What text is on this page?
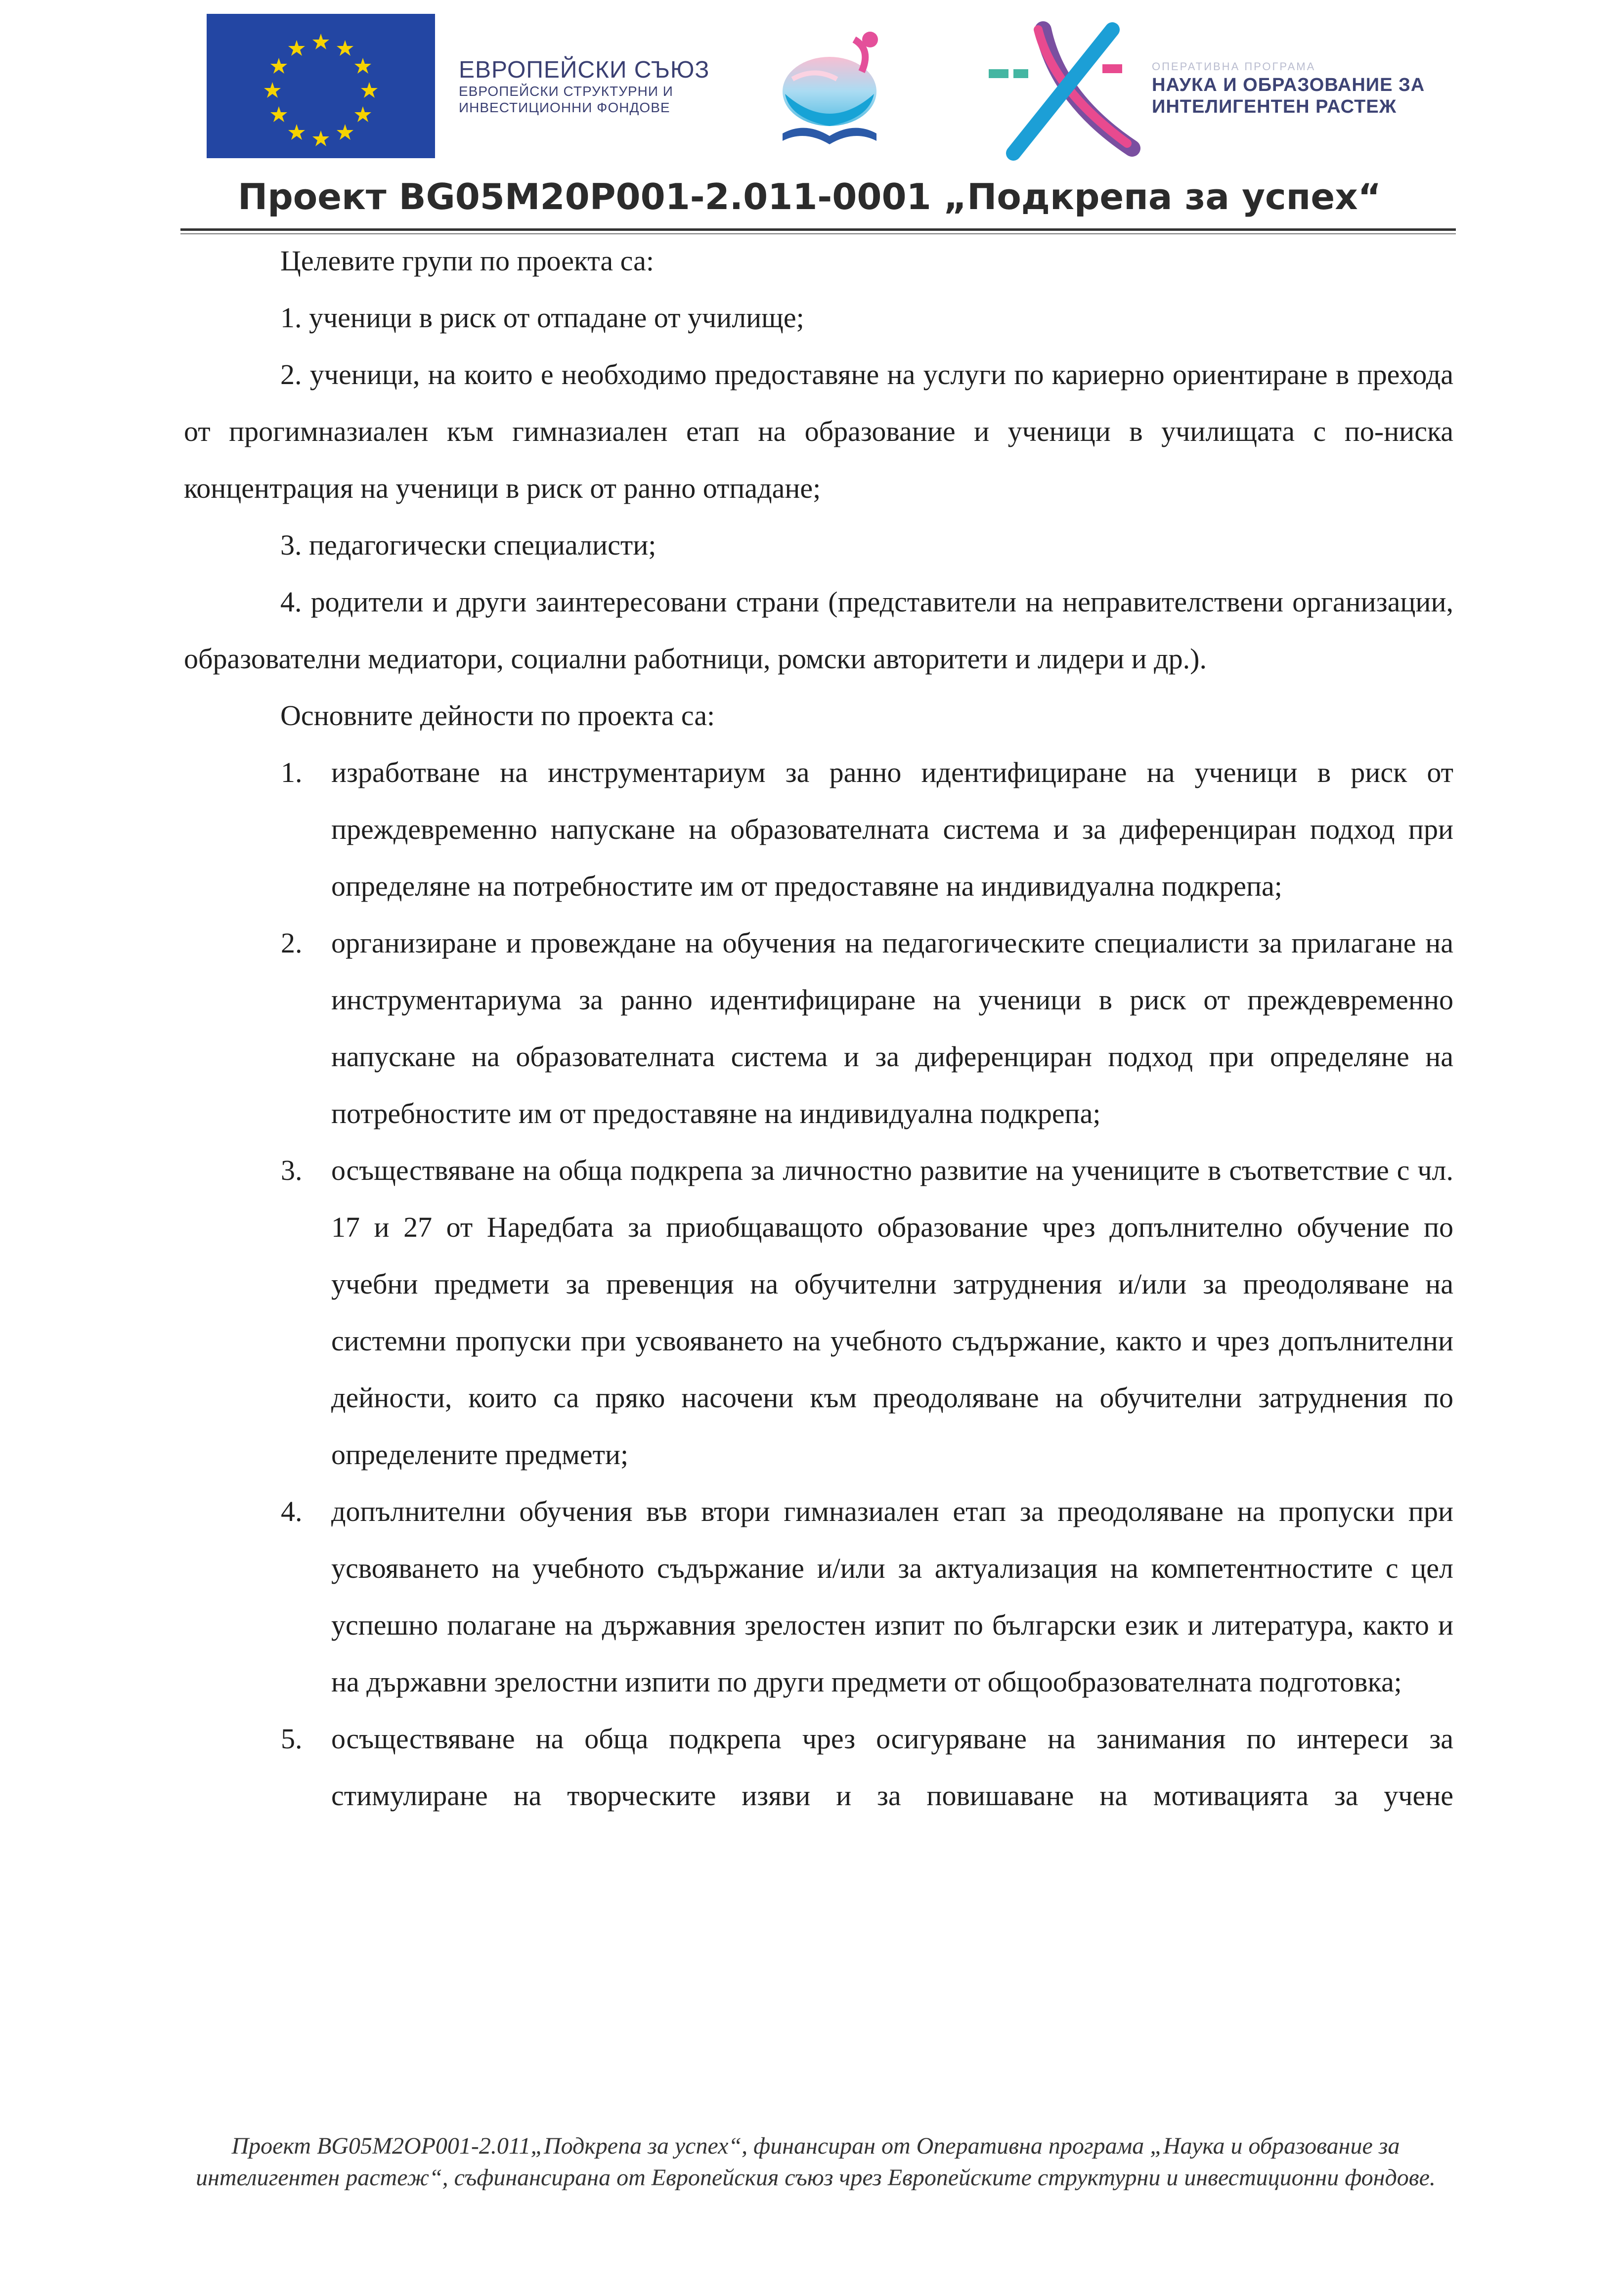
ЕВРОПЕЙСКИ СЪЮЗ
ЕВРОПЕЙСКИ СТРУКТУРНИ И
ИНВЕСТИЦИОННИ ФОНДОВЕ
ОПЕРАТИВНА ПРОГРАМА
НАУКА И ОБРАЗОВАНИЕ ЗА
ИНТЕЛИГЕНТЕН РАСТЕЖ
Проект BG05M20P001-2.011-0001 „Подкрепа за успех“

Целевите групи по проекта са:

1. ученици в риск от отпадане от училище;

2. ученици, на които е необходимо предоставяне на услуги по кариерно ориентиране в прехода от прогимназиален към гимназиален етап на образование и ученици в училищата с по-ниска концентрация на ученици в риск от ранно отпадане;

3. педагогически специалисти;

4. родители и други заинтересовани страни (представители на неправителствени организации, образователни медиатори, социални работници, ромски авторитети и лидери и др.).

Основните дейности по проекта са:

1. изработване на инструментариум за ранно идентифициране на ученици в риск от преждевременно напускане на образователната система и за диференциран подход при определяне на потребностите им от предоставяне на индивидуална подкрепа;
2. организиране и провеждане на обучения на педагогическите специалисти за прилагане на инструментариума за ранно идентифициране на ученици в риск от преждевременно напускане на образователната система и за диференциран подход при определяне на потребностите им от предоставяне на индивидуална подкрепа;
3. осъществяване на обща подкрепа за личностно развитие на учениците в съответствие с чл. 17 и 27 от Наредбата за приобщаващото образование чрез допълнително обучение по учебни предмети за превенция на обучителни затруднения и/или за преодоляване на системни пропуски при усвояването на учебното съдържание, както и чрез допълнителни дейности, които са пряко насочени към преодоляване на обучителни затруднения по определените предмети;
4. допълнителни обучения във втори гимназиален етап за преодоляване на пропуски при усвояването на учебното съдържание и/или за актуализация на компетентностите с цел успешно полагане на държавния зрелостен изпит по български език и литература, както и на държавни зрелостни изпити по други предмети от общообразователната подготовка;
5. осъществяване на обща подкрепа чрез осигуряване на занимания по интереси за стимулиране на творческите изяви и за повишаване на мотивацията за учене
Проект BG05M2OP001-2.011„Подкрепа за успех“, финансиран от Оперативна програма „Наука и образование за интелигентен растеж“, съфинансирана от Европейския съюз чрез Европейските структурни и инвестиционни фондове.
